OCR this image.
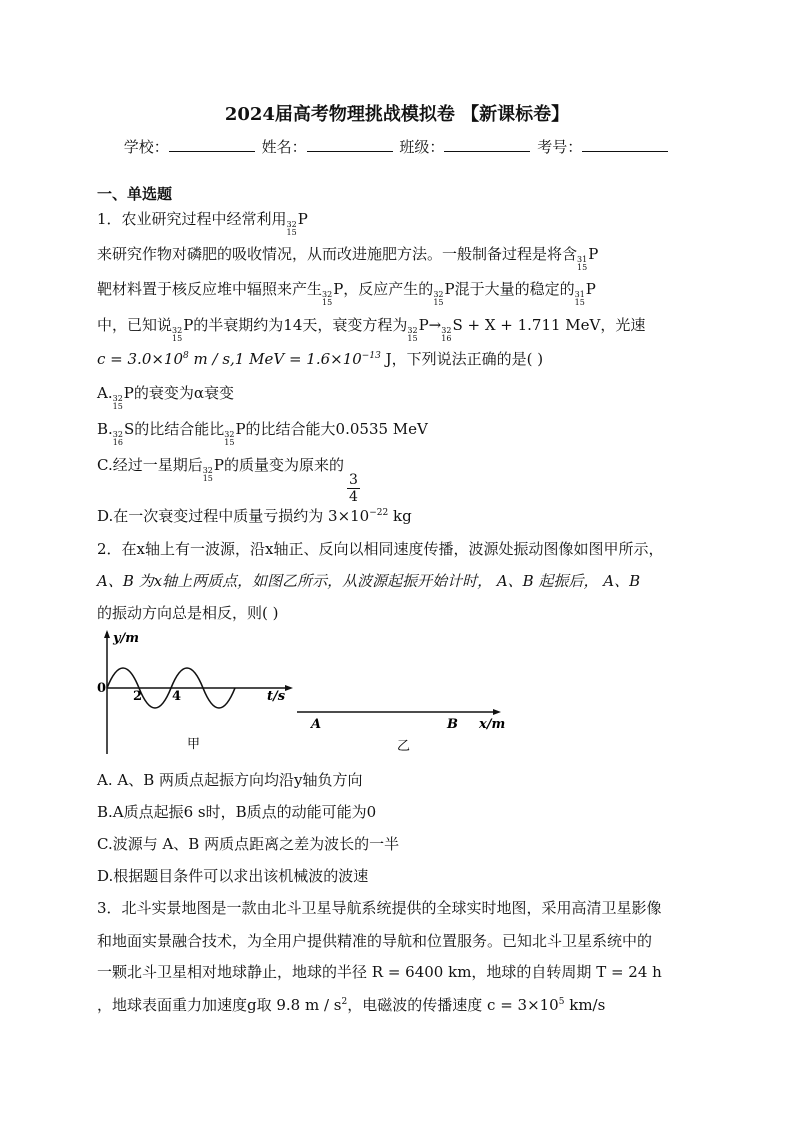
2024届高考物理挑战模拟卷 【新课标卷】
学校：	姓名：	班级：	考号：
一、单选题
1．农业研究过程中经常利用 32
15
P
来研究作物对磷肥的吸收情况，从而改进施肥方法。一般制备过程是将含 31
15
P
靶材料置于核反应堆中辐照来产生 32
15
P，反应产生的 32
15
P混于大量的稳定的 31
15
P
中，已知说 32
15
P的半衰期约为14天，衰变方程为 32
15
P→ 32
16
S + X + 1.711 MeV，光速
$c = 3.0\times 10^8$ m / s,1 MeV = $1.6\times 10^{-13}$ J，下列说法正确的是( )
A. 32
15
P的衰变为α衰变
B. 32
16
S的比结合能比 32
15
P的比结合能大0.0535 MeV
C.经过一星期后 32
15
P的质量变为原来的
$\frac{3}{4}$
D.在一次衰变过程中质量亏损约为 $3\times 10^{-22}$ kg
2．在x轴上有一波源，沿x轴正、反向以相同速度传播，波源处振动图像如图甲所示，
A、B 为x轴上两质点，如图乙所示，从波源起振开始计时， A、B 起振后， A、B
的振动方向总是相反，则( )
y/m
0
2 4	t/s
甲
A	B x/m
乙
A. A、B 两质点起振方向均沿y轴负方向
B.A质点起振6 s时，B质点的动能可能为0
C.波源与 A、B 两质点距离之差为波长的一半
D.根据题目条件可以求出该机械波的波速
3．北斗实景地图是一款由北斗卫星导航系统提供的全球实时地图，采用高清卫星影像
和地面实景融合技术，为全用户提供精准的导航和位置服务。已知北斗卫星系统中的
一颗北斗卫星相对地球静止，地球的半径 R = 6400 km，地球的自转周期 T = 24 h
，地球表面重力加速度g取 9.8 m / $s^2$，电磁波的传播速度 $c = 3\times 10^5$ km/s
